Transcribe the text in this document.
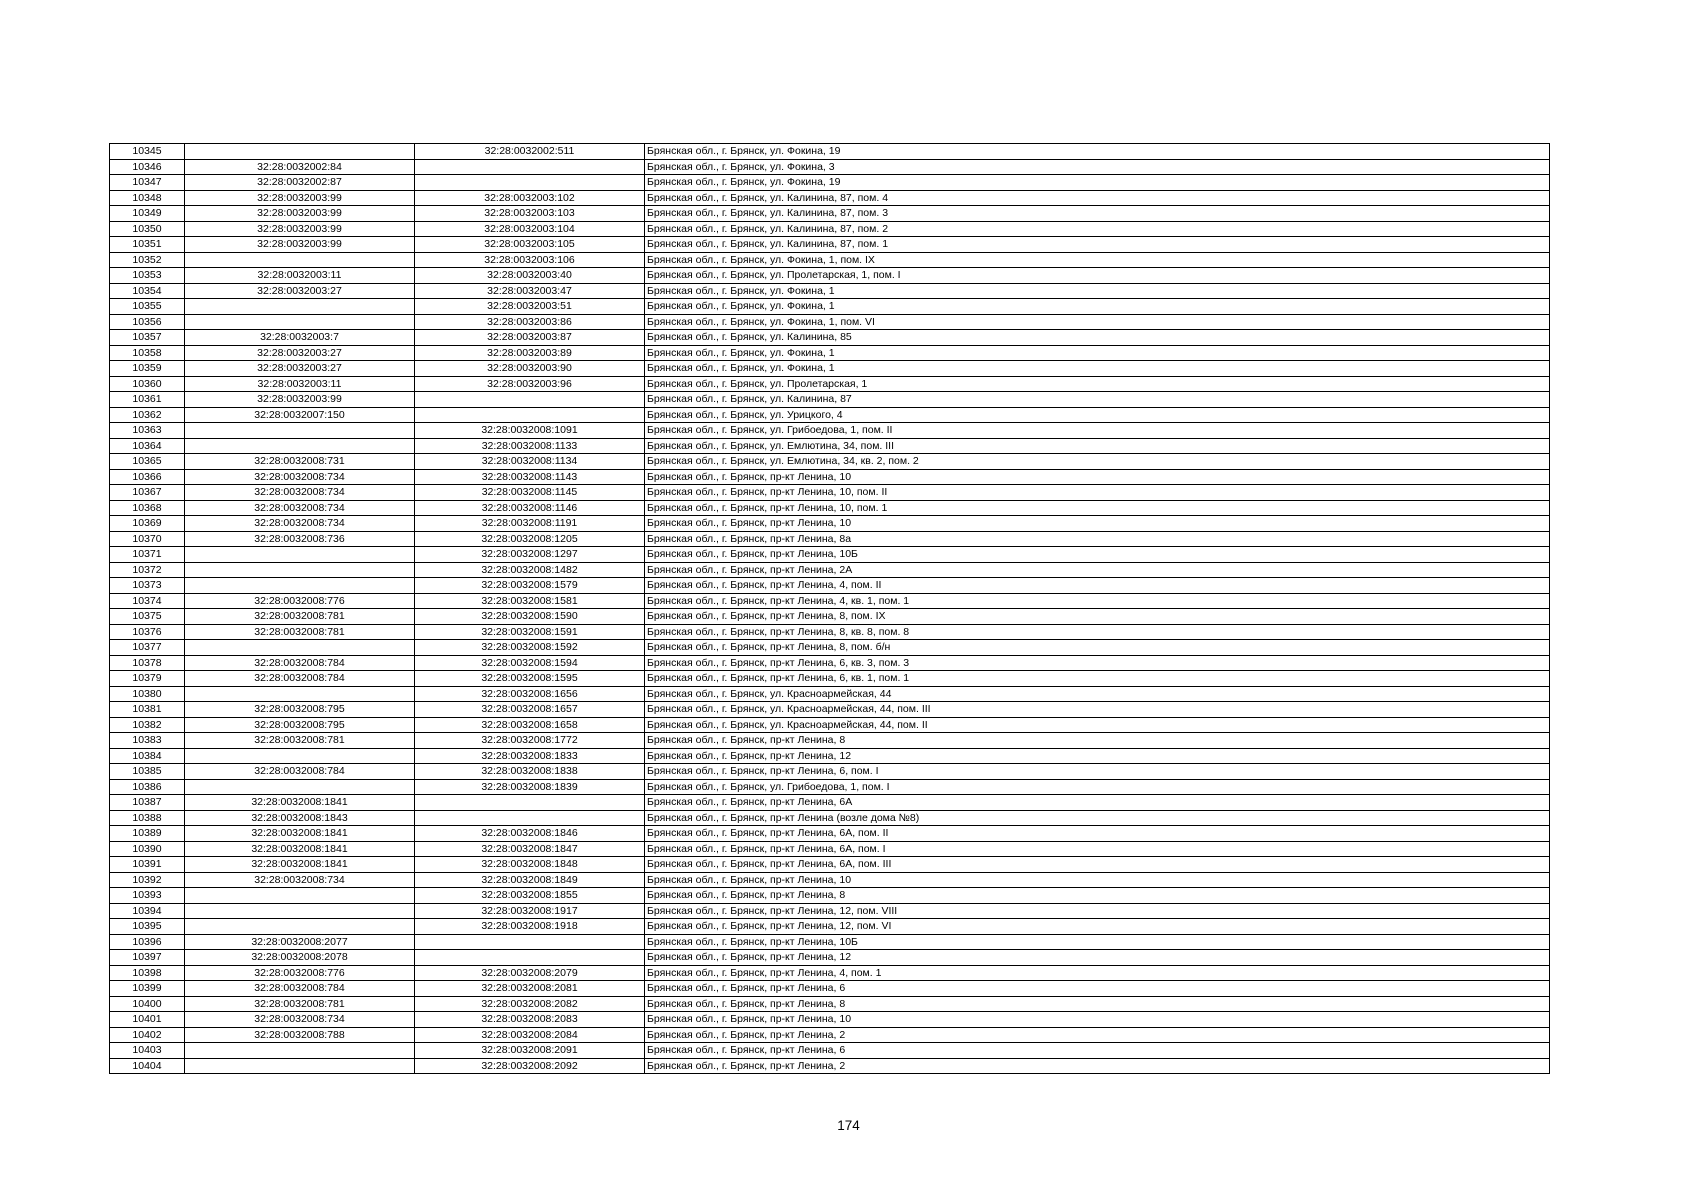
10345		32:28:0032002:511	Брянская обл., г. Брянск, ул. Фокина, 19
10346	32:28:0032002:84		Брянская обл., г. Брянск, ул. Фокина, 3
10347	32:28:0032002:87		Брянская обл., г. Брянск, ул. Фокина, 19
10348	32:28:0032003:99	32:28:0032003:102	Брянская обл., г. Брянск, ул. Калинина, 87, пом. 4
10349	32:28:0032003:99	32:28:0032003:103	Брянская обл., г. Брянск, ул. Калинина, 87, пом. 3
10350	32:28:0032003:99	32:28:0032003:104	Брянская обл., г. Брянск, ул. Калинина, 87, пом. 2
10351	32:28:0032003:99	32:28:0032003:105	Брянская обл., г. Брянск, ул. Калинина, 87, пом. 1
10352		32:28:0032003:106	Брянская обл., г. Брянск, ул. Фокина, 1, пом. IX
10353	32:28:0032003:11	32:28:0032003:40	Брянская обл., г. Брянск, ул. Пролетарская, 1, пом. I
10354	32:28:0032003:27	32:28:0032003:47	Брянская обл., г. Брянск, ул. Фокина, 1
10355		32:28:0032003:51	Брянская обл., г. Брянск, ул. Фокина, 1
10356		32:28:0032003:86	Брянская обл., г. Брянск, ул. Фокина, 1, пом. VI
10357	32:28:0032003:7	32:28:0032003:87	Брянская обл., г. Брянск, ул. Калинина, 85
10358	32:28:0032003:27	32:28:0032003:89	Брянская обл., г. Брянск, ул. Фокина, 1
10359	32:28:0032003:27	32:28:0032003:90	Брянская обл., г. Брянск, ул. Фокина, 1
10360	32:28:0032003:11	32:28:0032003:96	Брянская обл., г. Брянск, ул. Пролетарская, 1
10361	32:28:0032003:99		Брянская обл., г. Брянск, ул. Калинина, 87
10362	32:28:0032007:150		Брянская обл., г. Брянск, ул. Урицкого, 4
10363		32:28:0032008:1091	Брянская обл., г. Брянск, ул. Грибоедова, 1, пом. II
10364		32:28:0032008:1133	Брянская обл., г. Брянск, ул. Емлютина, 34, пом. III
10365	32:28:0032008:731	32:28:0032008:1134	Брянская обл., г. Брянск, ул. Емлютина, 34, кв. 2, пом. 2
10366	32:28:0032008:734	32:28:0032008:1143	Брянская обл., г. Брянск, пр-кт Ленина, 10
10367	32:28:0032008:734	32:28:0032008:1145	Брянская обл., г. Брянск, пр-кт Ленина, 10, пом. II
10368	32:28:0032008:734	32:28:0032008:1146	Брянская обл., г. Брянск, пр-кт Ленина, 10, пом. 1
10369	32:28:0032008:734	32:28:0032008:1191	Брянская обл., г. Брянск, пр-кт Ленина, 10
10370	32:28:0032008:736	32:28:0032008:1205	Брянская обл., г. Брянск, пр-кт Ленина, 8а
10371		32:28:0032008:1297	Брянская обл., г. Брянск, пр-кт Ленина, 10Б
10372		32:28:0032008:1482	Брянская обл., г. Брянск, пр-кт Ленина, 2А
10373		32:28:0032008:1579	Брянская обл., г. Брянск, пр-кт Ленина, 4, пом. II
10374	32:28:0032008:776	32:28:0032008:1581	Брянская обл., г. Брянск, пр-кт Ленина, 4, кв. 1, пом. 1
10375	32:28:0032008:781	32:28:0032008:1590	Брянская обл., г. Брянск, пр-кт Ленина, 8, пом. IX
10376	32:28:0032008:781	32:28:0032008:1591	Брянская обл., г. Брянск, пр-кт Ленина, 8, кв. 8, пом. 8
10377		32:28:0032008:1592	Брянская обл., г. Брянск, пр-кт Ленина, 8, пом. б/н
10378	32:28:0032008:784	32:28:0032008:1594	Брянская обл., г. Брянск, пр-кт Ленина, 6, кв. 3, пом. 3
10379	32:28:0032008:784	32:28:0032008:1595	Брянская обл., г. Брянск, пр-кт Ленина, 6, кв. 1, пом. 1
10380		32:28:0032008:1656	Брянская обл., г. Брянск, ул. Красноармейская, 44
10381	32:28:0032008:795	32:28:0032008:1657	Брянская обл., г. Брянск, ул. Красноармейская, 44, пом. III
10382	32:28:0032008:795	32:28:0032008:1658	Брянская обл., г. Брянск, ул. Красноармейская, 44, пом. II
10383	32:28:0032008:781	32:28:0032008:1772	Брянская обл., г. Брянск, пр-кт Ленина, 8
10384		32:28:0032008:1833	Брянская обл., г. Брянск, пр-кт Ленина, 12
10385	32:28:0032008:784	32:28:0032008:1838	Брянская обл., г. Брянск, пр-кт Ленина, 6, пом. I
10386		32:28:0032008:1839	Брянская обл., г. Брянск, ул. Грибоедова, 1, пом. I
10387	32:28:0032008:1841		Брянская обл., г. Брянск, пр-кт Ленина, 6А
10388	32:28:0032008:1843		Брянская обл., г. Брянск, пр-кт Ленина (возле дома №8)
10389	32:28:0032008:1841	32:28:0032008:1846	Брянская обл., г. Брянск, пр-кт Ленина, 6А, пом. II
10390	32:28:0032008:1841	32:28:0032008:1847	Брянская обл., г. Брянск, пр-кт Ленина, 6А, пом. I
10391	32:28:0032008:1841	32:28:0032008:1848	Брянская обл., г. Брянск, пр-кт Ленина, 6А, пом. III
10392	32:28:0032008:734	32:28:0032008:1849	Брянская обл., г. Брянск, пр-кт Ленина, 10
10393		32:28:0032008:1855	Брянская обл., г. Брянск, пр-кт Ленина, 8
10394		32:28:0032008:1917	Брянская обл., г. Брянск, пр-кт Ленина, 12, пом. VIII
10395		32:28:0032008:1918	Брянская обл., г. Брянск, пр-кт Ленина, 12, пом. VI
10396	32:28:0032008:2077		Брянская обл., г. Брянск, пр-кт Ленина, 10Б
10397	32:28:0032008:2078		Брянская обл., г. Брянск, пр-кт Ленина, 12
10398	32:28:0032008:776	32:28:0032008:2079	Брянская обл., г. Брянск, пр-кт Ленина, 4, пом. 1
10399	32:28:0032008:784	32:28:0032008:2081	Брянская обл., г. Брянск, пр-кт Ленина, 6
10400	32:28:0032008:781	32:28:0032008:2082	Брянская обл., г. Брянск, пр-кт Ленина, 8
10401	32:28:0032008:734	32:28:0032008:2083	Брянская обл., г. Брянск, пр-кт Ленина, 10
10402	32:28:0032008:788	32:28:0032008:2084	Брянская обл., г. Брянск, пр-кт Ленина, 2
10403		32:28:0032008:2091	Брянская обл., г. Брянск, пр-кт Ленина, 6
10404		32:28:0032008:2092	Брянская обл., г. Брянск, пр-кт Ленина, 2
174
